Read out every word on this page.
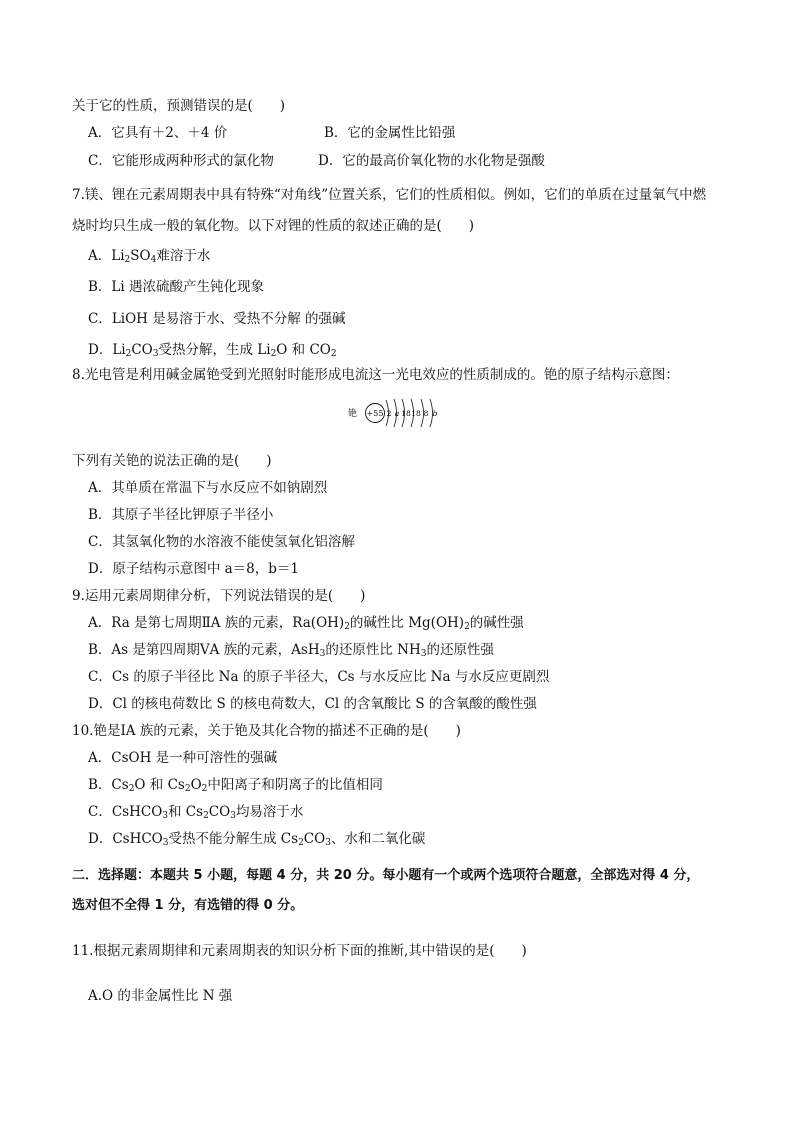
关于它的性质，预测错误的是(　　)
A．它具有＋2、＋4 价	B．它的金属性比铅强
C．它能形成两种形式的氯化物	D．它的最高价氧化物的水化物是强酸
7.镁、锂在元素周期表中具有特殊“对角线”位置关系，它们的性质相似。例如，它们的单质在过量氧气中燃
烧时均只生成一般的氧化物。以下对锂的性质的叙述正确的是(　　)
A．$Li_2SO_4$难溶于水
B．Li 遇浓硫酸产生钝化现象
C．LiOH 是易溶于水、受热不分解 的强碱
D．$Li_2CO_3$受热分解，生成 $Li_2O$ 和 $CO_2$
8.光电管是利用碱金属铯受到光照射时能形成电流这一光电效应的性质制成的。铯的原子结构示意图：
铯 +55 2 a 18 18 8 b
下列有关铯的说法正确的是(　　)
A．其单质在常温下与水反应不如钠剧烈
B．其原子半径比钾原子半径小
C．其氢氧化物的水溶液不能使氢氧化铝溶解
D．原子结构示意图中 a＝8，b＝1
9.运用元素周期律分析，下列说法错误的是(　　)
A．Ra 是第七周期ⅡA 族的元素，$Ra(OH)_2$的碱性比 $Mg(OH)_2$的碱性强
B．As 是第四周期ⅤA 族的元素，AsH$_3$的还原性比 $NH_3$的还原性强
C．Cs 的原子半径比 Na 的原子半径大，Cs 与水反应比 Na 与水反应更剧烈
D．Cl 的核电荷数比 S 的核电荷数大，Cl 的含氧酸比 S 的含氧酸的酸性强
10.铯是ⅠA 族的元素，关于铯及其化合物的描述不正确的是(　　)
A．CsOH 是一种可溶性的强碱
B．$Cs_2O$ 和 $Cs_2O_2$中阳离子和阴离子的比值相同
C．CsHCO$_3$和 $Cs_2CO_3$均易溶于水
D．CsHCO$_3$受热不能分解生成 $Cs_2CO_3$、水和二氧化碳
二．选择题：本题共 5 小题，每题 4 分，共 20 分。每小题有一个或两个选项符合题意，全部选对得 4 分，
选对但不全得 1 分，有选错的得 0 分。
11.根据元素周期律和元素周期表的知识分析下面的推断,其中错误的是(　　)
A.O 的非金属性比 N 强
